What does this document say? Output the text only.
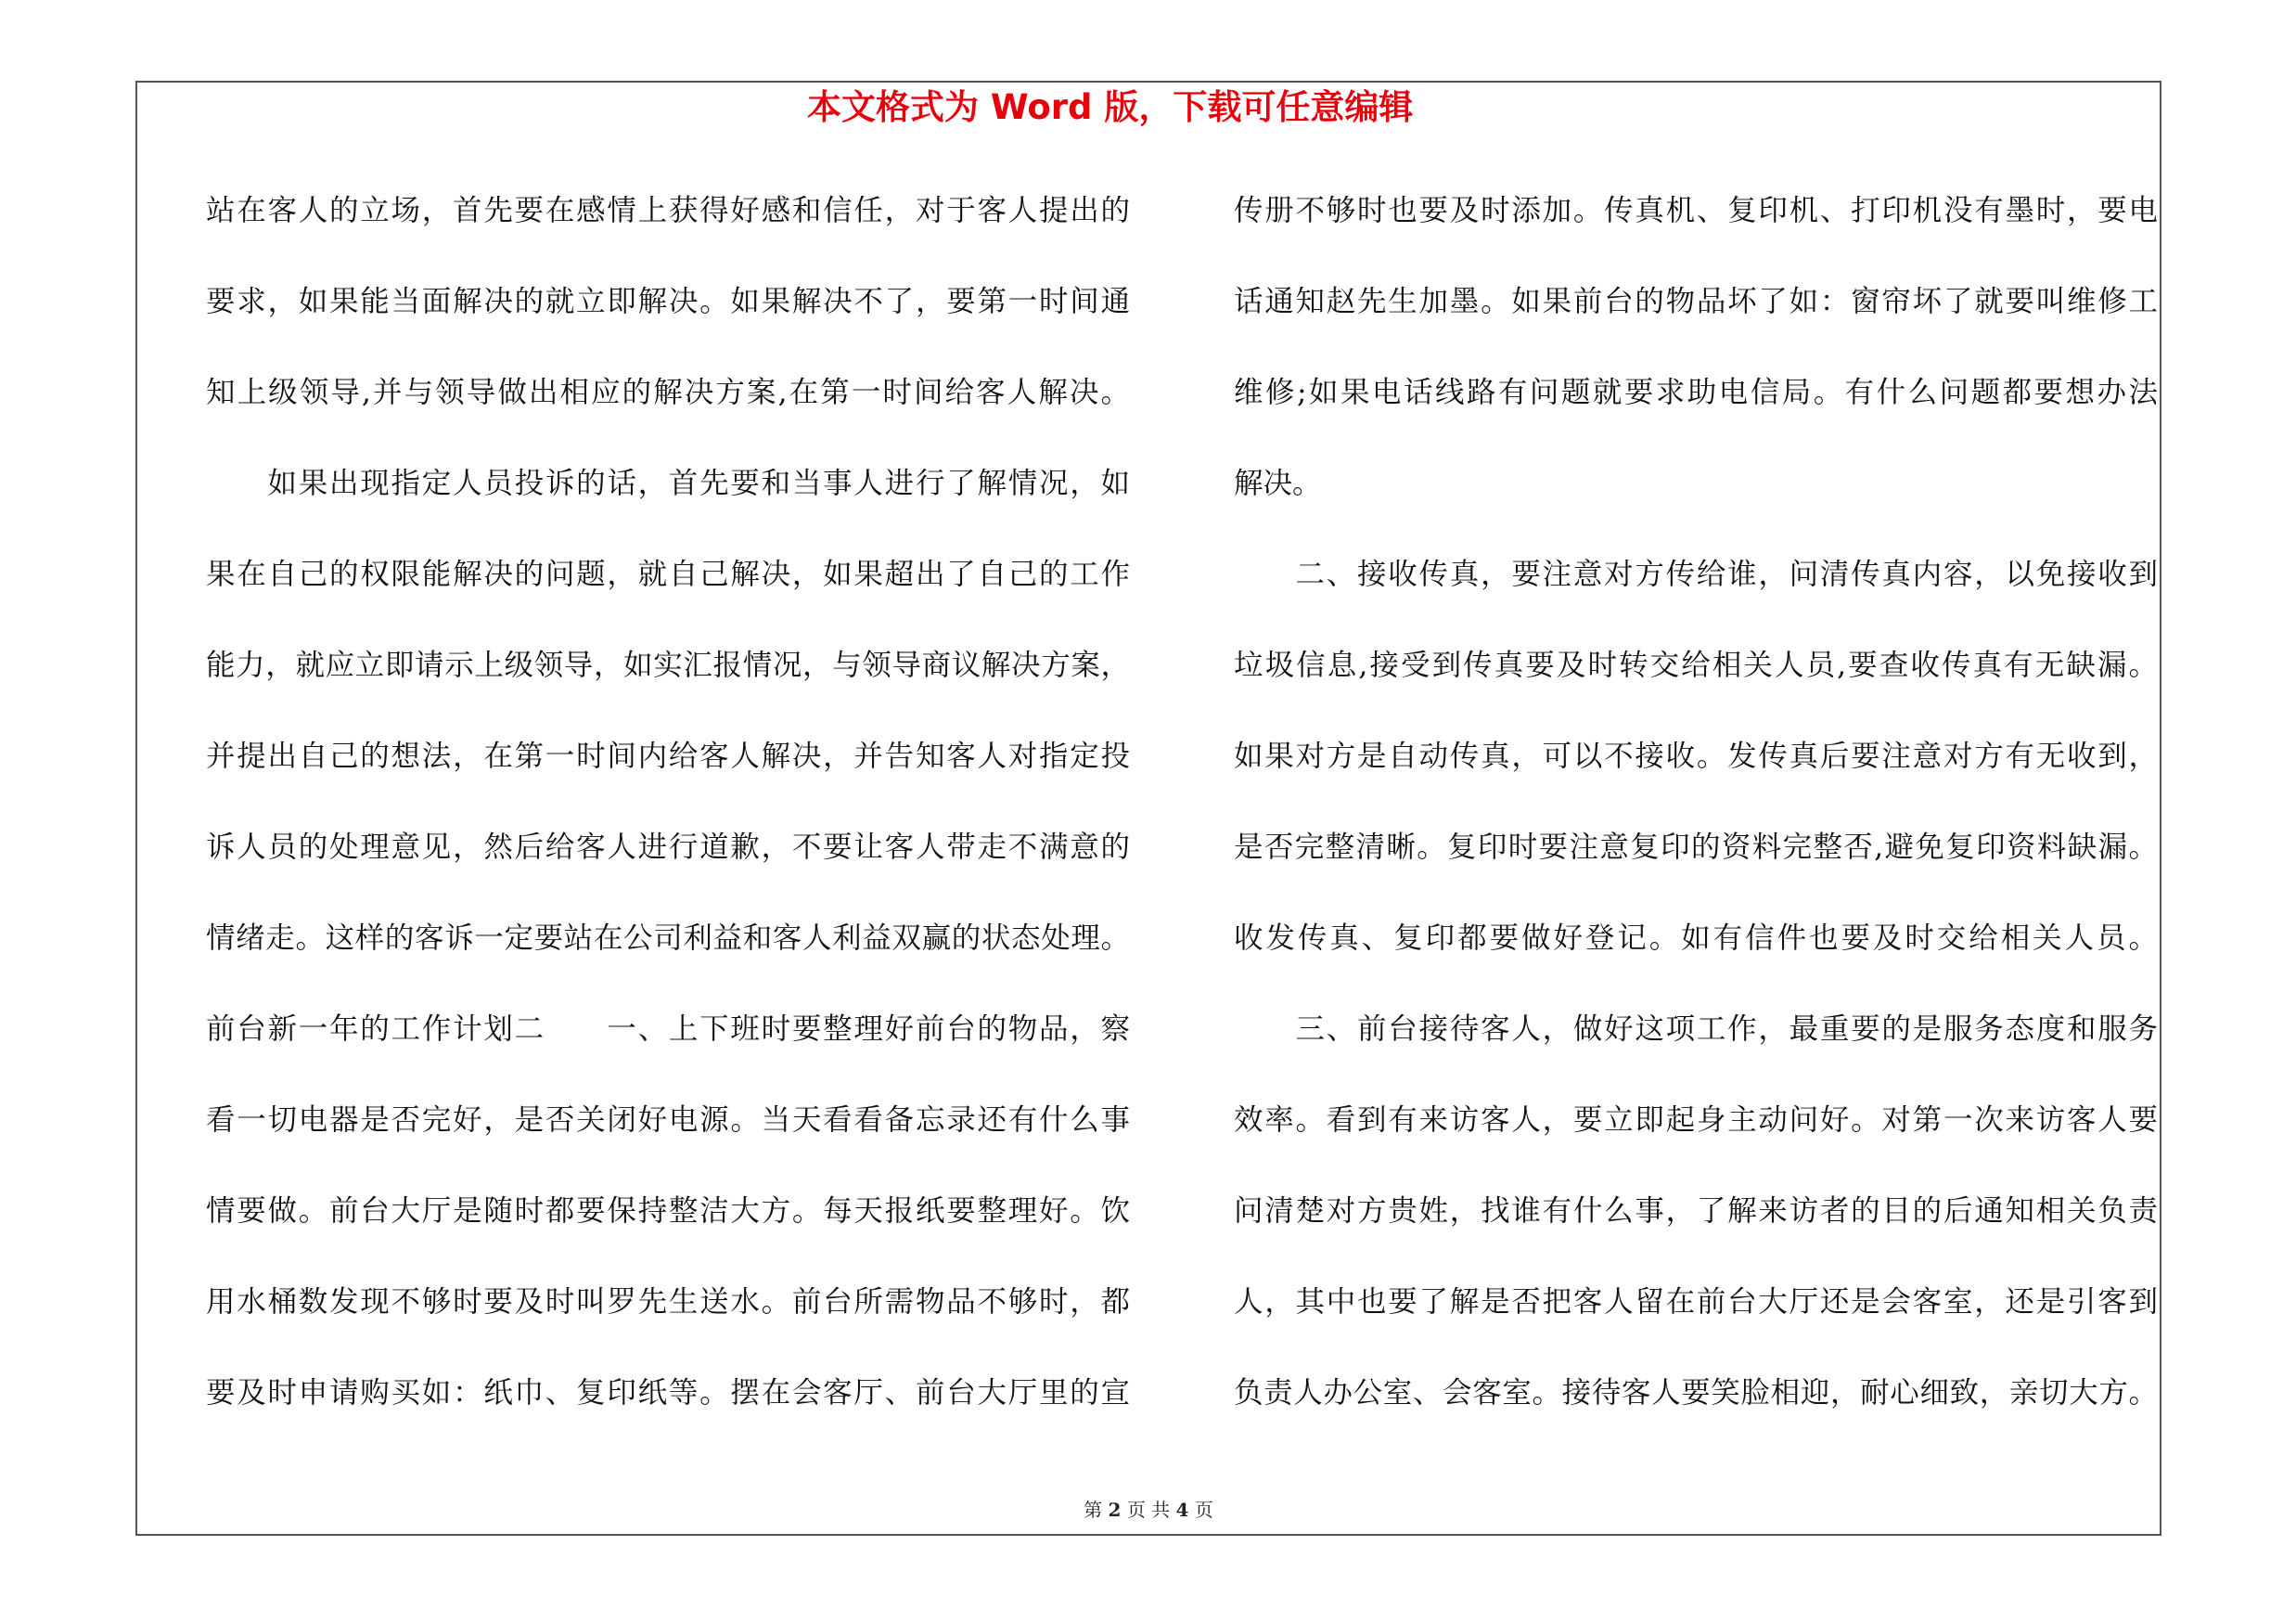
本文格式为 Word 版，下载可任意编辑
站在客人的立场，首先要在感情上获得好感和信任，对于客人提出的
要求，如果能当面解决的就立即解决。如果解决不了，要第一时间通
知上级领导,并与领导做出相应的解决方案,在第一时间给客人解决。
　　如果出现指定人员投诉的话，首先要和当事人进行了解情况，如
果在自己的权限能解决的问题，就自己解决，如果超出了自己的工作
能力，就应立即请示上级领导，如实汇报情况，与领导商议解决方案，
并提出自己的想法，在第一时间内给客人解决，并告知客人对指定投
诉人员的处理意见，然后给客人进行道歉，不要让客人带走不满意的
情绪走。这样的客诉一定要站在公司利益和客人利益双赢的状态处理。
前台新一年的工作计划二　　一、上下班时要整理好前台的物品，察
看一切电器是否完好，是否关闭好电源。当天看看备忘录还有什么事
情要做。前台大厅是随时都要保持整洁大方。每天报纸要整理好。饮
用水桶数发现不够时要及时叫罗先生送水。前台所需物品不够时，都
要及时申请购买如：纸巾、复印纸等。摆在会客厅、前台大厅里的宣
传册不够时也要及时添加。传真机、复印机、打印机没有墨时，要电
话通知赵先生加墨。如果前台的物品坏了如：窗帘坏了就要叫维修工
维修;如果电话线路有问题就要求助电信局。有什么问题都要想办法
解决。
　　二、接收传真，要注意对方传给谁，问清传真内容，以免接收到
垃圾信息,接受到传真要及时转交给相关人员,要查收传真有无缺漏。
如果对方是自动传真，可以不接收。发传真后要注意对方有无收到，
是否完整清晰。复印时要注意复印的资料完整否,避免复印资料缺漏。
收发传真、复印都要做好登记。如有信件也要及时交给相关人员。
　　三、前台接待客人，做好这项工作，最重要的是服务态度和服务
效率。看到有来访客人，要立即起身主动问好。对第一次来访客人要
问清楚对方贵姓，找谁有什么事，了解来访者的目的后通知相关负责
人，其中也要了解是否把客人留在前台大厅还是会客室，还是引客到
负责人办公室、会客室。接待客人要笑脸相迎，耐心细致，亲切大方。
第 2 页 共 4 页
